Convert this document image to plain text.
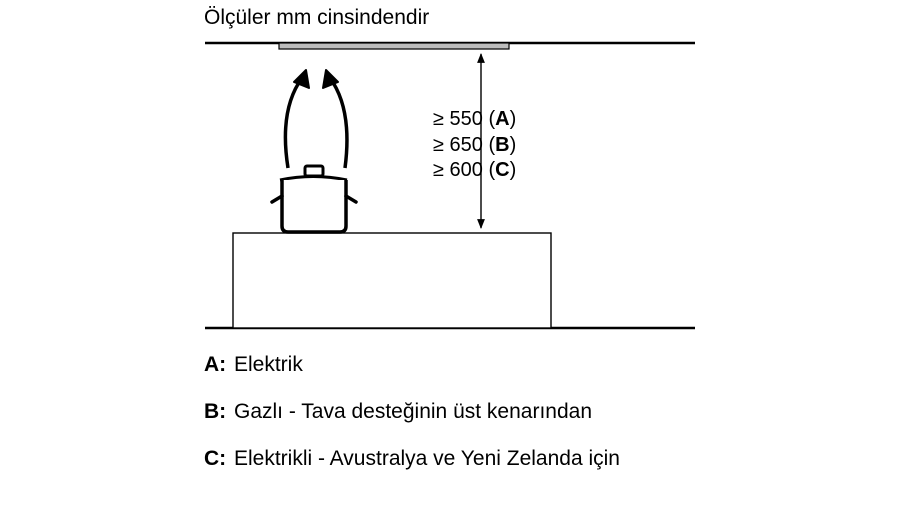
Ölçüler mm cinsindendir
≥ 550 (A)
≥ 650 (B)
≥ 600 (C)
A: Elektrik
B: Gazlı - Tava desteğinin üst kenarından
C: Elektrikli - Avustralya ve Yeni Zelanda için
